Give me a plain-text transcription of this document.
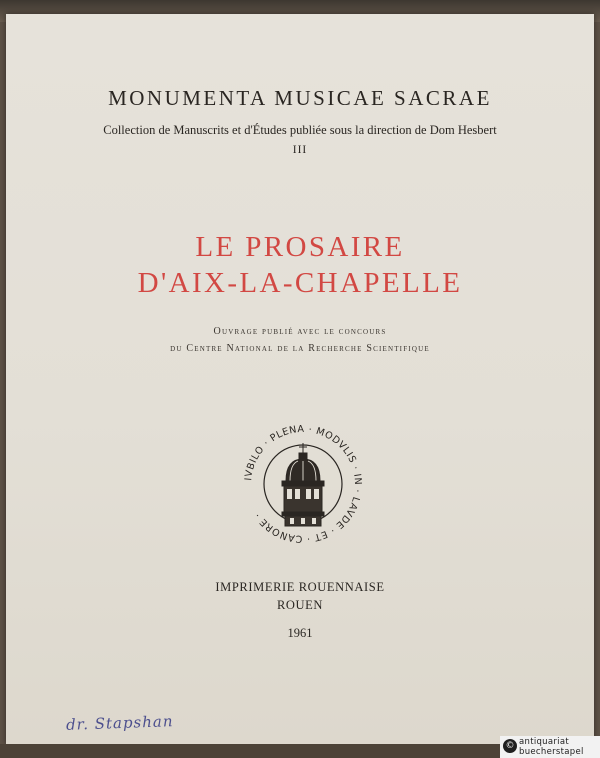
MONUMENTA MUSICAE SACRAE
Collection de Manuscrits et d'Études publiée sous la direction de Dom Hesbert
III
LE PROSAIRE
D'AIX-LA-CHAPELLE
Ouvrage publié avec le concours
du Centre National de la Recherche Scientifique
IVBILO · PLENA · MODVLIS · IN · LAVDE · ET · CANORE ·
IMPRIMERIE ROUENNAISE
ROUEN
1961
dr. Stapshan
© antiquariat
buecherstapel
